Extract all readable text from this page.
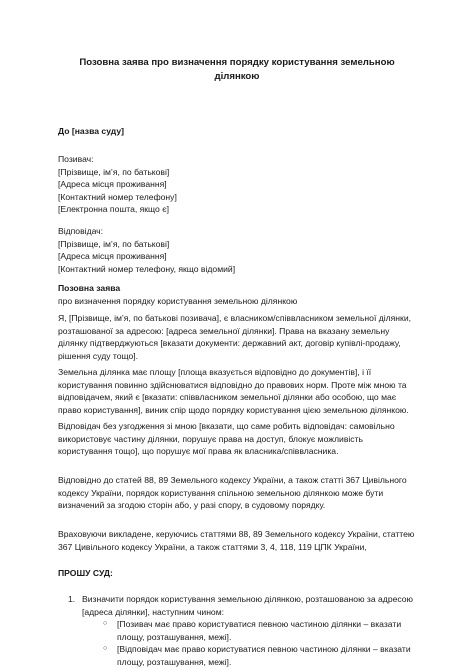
Позовна заява про визначення порядку користування земельною ділянкою
До [назва суду]
Позивач:
[Прізвище, ім’я, по батькові]
[Адреса місця проживання]
[Контактний номер телефону]
[Електронна пошта, якщо є]
Відповідач:
[Прізвище, ім’я, по батькові]
[Адреса місця проживання]
[Контактний номер телефону, якщо відомий]
Позовна заява
про визначення порядку користування земельною ділянкою

Я, [Прізвище, ім’я, по батькові позивача], є власником/співвласником земельної ділянки, розташованої за адресою: [адреса земельної ділянки]. Права на вказану земельну ділянку підтверджуються [вказати документи: державний акт, договір купівлі-продажу, рішення суду тощо].

Земельна ділянка має площу [площа вказується відповідно до документів], і її користування повинно здійснюватися відповідно до правових норм. Проте між мною та відповідачем, який є [вказати: співвласником земельної ділянки або особою, що має право користування], виник спір щодо порядку користування цією земельною ділянкою.

Відповідач без узгодження зі мною [вказати, що саме робить відповідач: самовільно використовує частину ділянки, порушує права на доступ, блокує можливість користування тощо], що порушує мої права як власника/співвласника.

Відповідно до статей 88, 89 Земельного кодексу України, а також статті 367 Цивільного кодексу України, порядок користування спільною земельною ділянкою може бути визначений за згодою сторін або, у разі спору, в судовому порядку.

Враховуючи викладене, керуючись статтями 88, 89 Земельного кодексу України, статтею 367 Цивільного кодексу України, а також статтями 3, 4, 118, 119 ЦПК України,

ПРОШУ СУД:
1. Визначити порядок користування земельною ділянкою, розташованою за адресою [адреса ділянки], наступним чином:

○ [Позивач має право користуватися певною частиною ділянки – вказати площу, розташування, межі].

○ [Відповідач має право користуватися певною частиною ділянки – вказати площу, розташування, межі].
